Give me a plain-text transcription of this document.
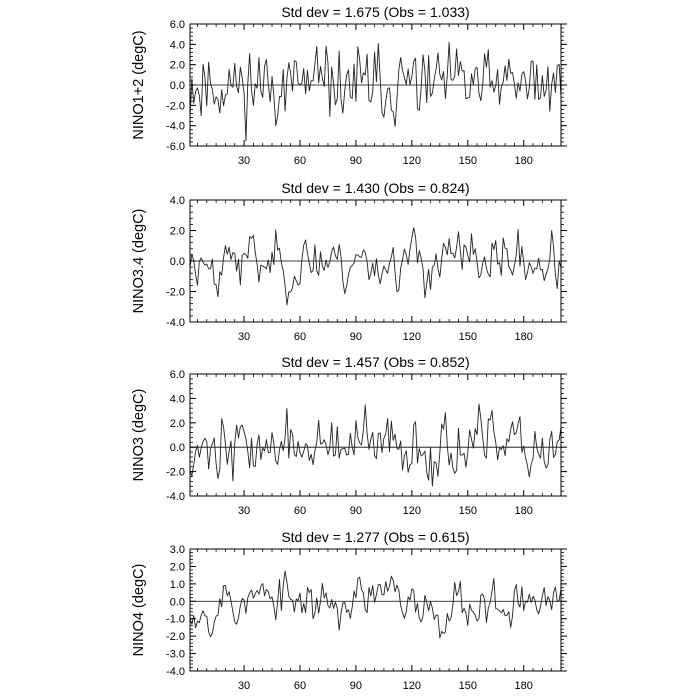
Std dev = 1.675 (Obs = 1.033)
NINO1+2 (degC)
-6.0
-4.0
-2.0
0.0
2.0
4.0
6.0
30	60	90	120	150	180
Std dev = 1.430 (Obs = 0.824)
NINO3.4 (degC)
-4.0
-2.0
0.0
2.0
4.0
30	60	90	120	150	180
Std dev = 1.457 (Obs = 0.852)
NINO3 (degC)
-4.0
-2.0
0.0
2.0
4.0
6.0
30	60	90	120	150	180
Std dev = 1.277 (Obs = 0.615)
NINO4 (degC)
-4.0
-3.0
-2.0
-1.0
0.0
1.0
2.0
3.0
30	60	90	120	150	180
